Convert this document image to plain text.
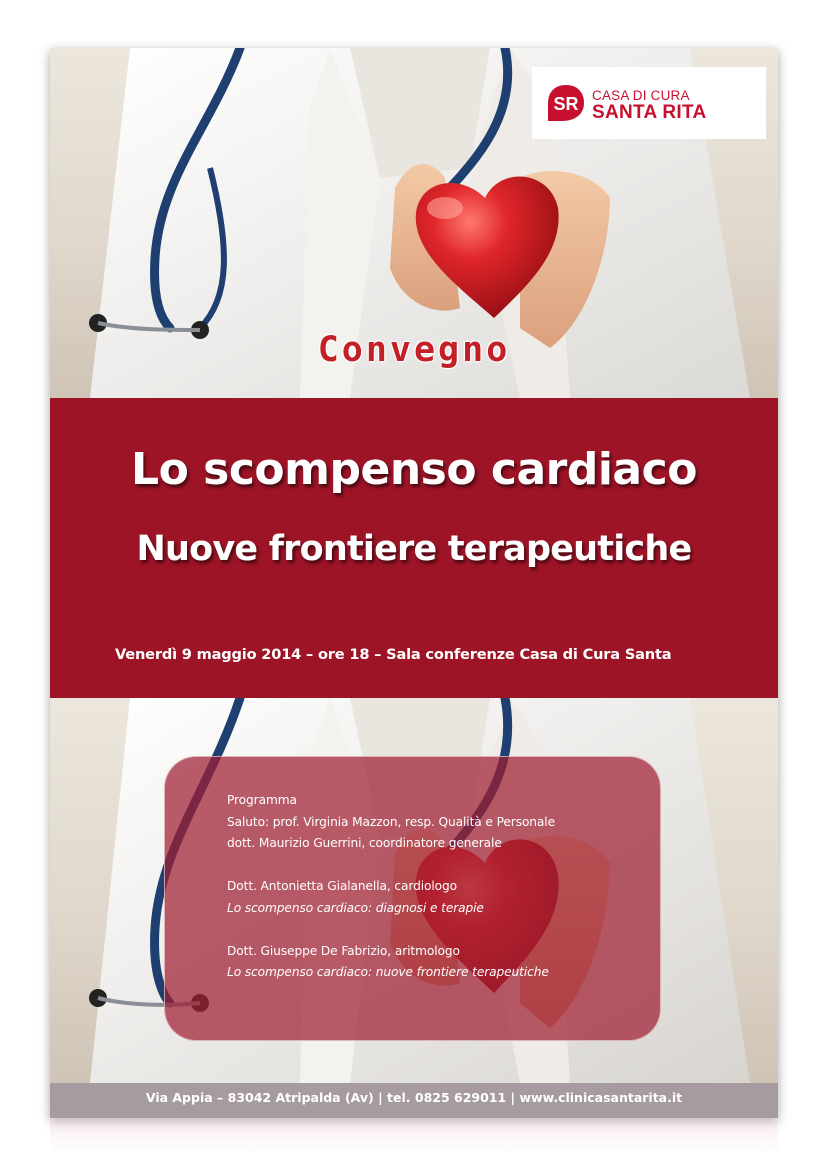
SR CASA DI CURA
SANTA RITA
Convegno
Lo scompenso cardiaco
Nuove frontiere terapeutiche
Venerdì 9 maggio 2014 – ore 18 – Sala conferenze Casa di Cura Santa
Programma
Saluto: prof. Virginia Mazzon, resp. Qualità e Personale
dott. Maurizio Guerrini, coordinatore generale
Dott. Antonietta Gialanella, cardiologo
Lo scompenso cardiaco: diagnosi e terapie
Dott. Giuseppe De Fabrizio, aritmologo
Lo scompenso cardiaco: nuove frontiere terapeutiche
Via Appia – 83042 Atripalda (Av) | tel. 0825 629011 | www.clinicasantarita.it
